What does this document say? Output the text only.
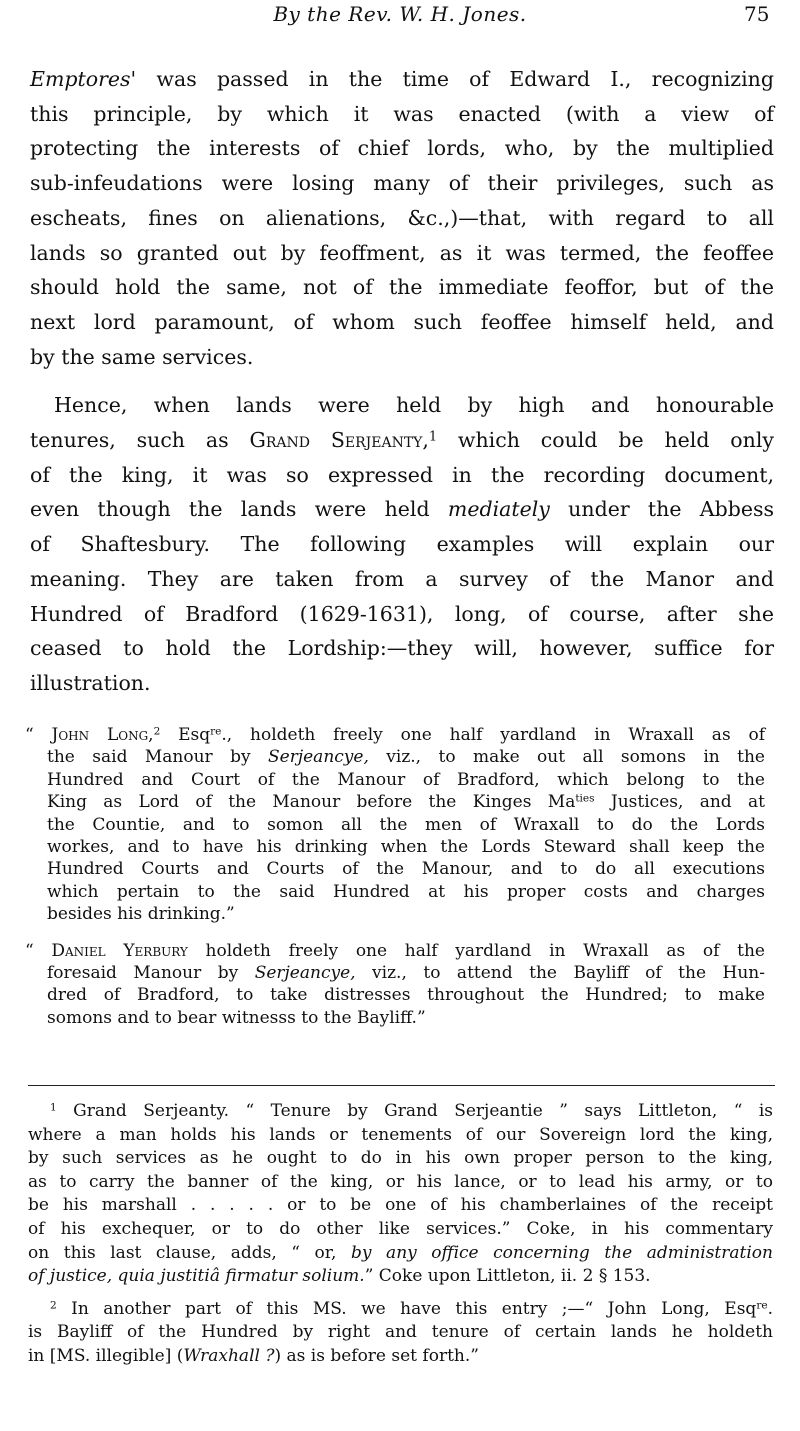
By the Rev. W. H. Jones.	75
Emptores' was passed in the time of Edward I., recognizing
this principle, by which it was enacted (with a view of
protecting the interests of chief lords, who, by the multiplied
sub-infeudations were losing many of their privileges, such as
escheats, fines on alienations, &c.,)—that, with regard to all
lands so granted out by feoffment, as it was termed, the feoffee
should hold the same, not of the immediate feoffor, but of the
next lord paramount, of whom such feoffee himself held, and
by the same services.
Hence, when lands were held by high and honourable
tenures, such as Grand Serjeanty,$^1$ which could be held only
of the king, it was so expressed in the recording document,
even though the lands were held mediately under the Abbess
of Shaftesbury. The following examples will explain our
meaning. They are taken from a survey of the Manor and
Hundred of Bradford (1629-1631), long, of course, after she
ceased to hold the Lordship:—they will, however, suffice for
illustration.
“ John Long,$^2$ Esq$^{re}$., holdeth freely one half yardland in Wraxall as of
the said Manour by Serjeancye, viz., to make out all somons in the
Hundred and Court of the Manour of Bradford, which belong to the
King as Lord of the Manour before the Kinges $Ma^{ties}$ Justices, and at
the Countie, and to somon all the men of Wraxall to do the Lords
workes, and to have his drinking when the Lords Steward shall keep the
Hundred Courts and Courts of the Manour, and to do all executions
which pertain to the said Hundred at his proper costs and charges
besides his drinking.”
“ Daniel Yerbury holdeth freely one half yardland in Wraxall as of the
foresaid Manour by Serjeancye, viz., to attend the Bayliff of the Hun-
dred of Bradford, to take distresses throughout the Hundred; to make
somons and to bear witnesss to the Bayliff.”
$^1$ Grand Serjeanty. “ Tenure by Grand Serjeantie ” says Littleton, “ is
where a man holds his lands or tenements of our Sovereign lord the king,
by such services as he ought to do in his own proper person to the king,
as to carry the banner of the king, or his lance, or to lead his army, or to
be his marshall . . . . . or to be one of his chamberlaines of the receipt
of his exchequer, or to do other like services.” Coke, in his commentary
on this last clause, adds, “ or, by any office concerning the administration
of justice, quia justitiâ firmatur solium.” Coke upon Littleton, ii. 2 § 153.
$^2$ In another part of this MS. we have this entry ;—“ John Long, Esq$^{re}$.
is Bayliff of the Hundred by right and tenure of certain lands he holdeth
in [MS. illegible] (Wraxhall ?) as is before set forth.”
